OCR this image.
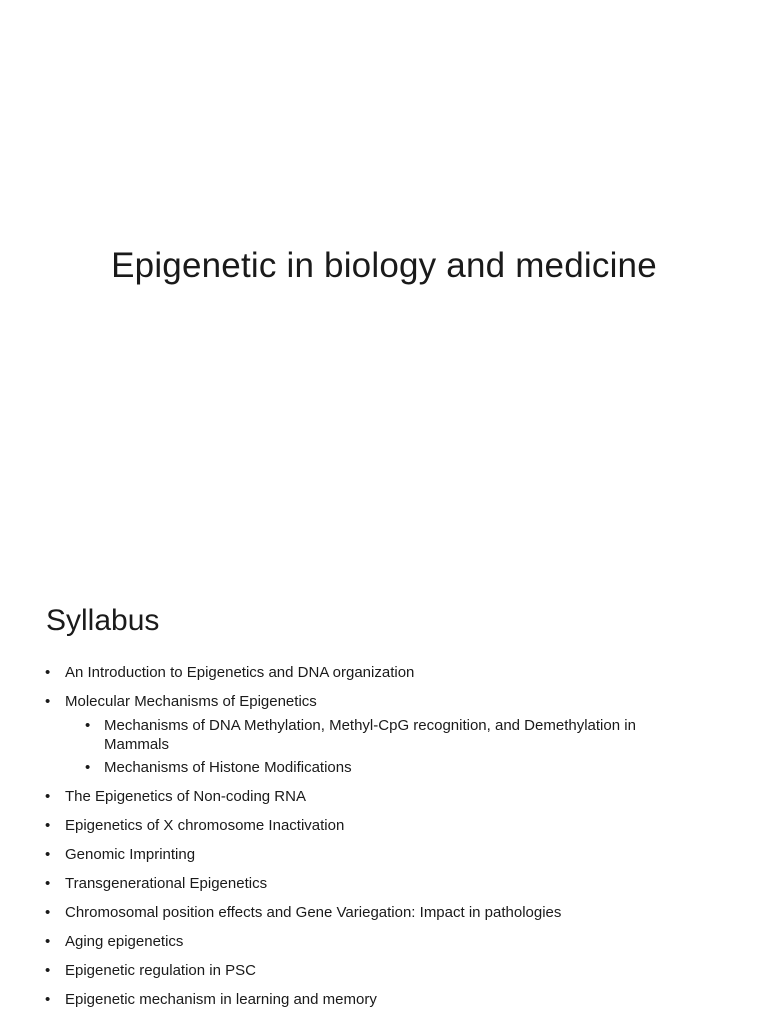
Epigenetic in biology and medicine
Syllabus
• An Introduction to Epigenetics and DNA organization
• Molecular Mechanisms of Epigenetics
• Mechanisms of DNA Methylation, Methyl-CpG recognition, and Demethylation in Mammals
• Mechanisms of Histone Modifications
• The Epigenetics of Non-coding RNA
• Epigenetics of X chromosome Inactivation
• Genomic Imprinting
• Transgenerational Epigenetics
• Chromosomal position effects and Gene Variegation: Impact in pathologies
• Aging epigenetics
• Epigenetic regulation in PSC
• Epigenetic mechanism in learning and memory
